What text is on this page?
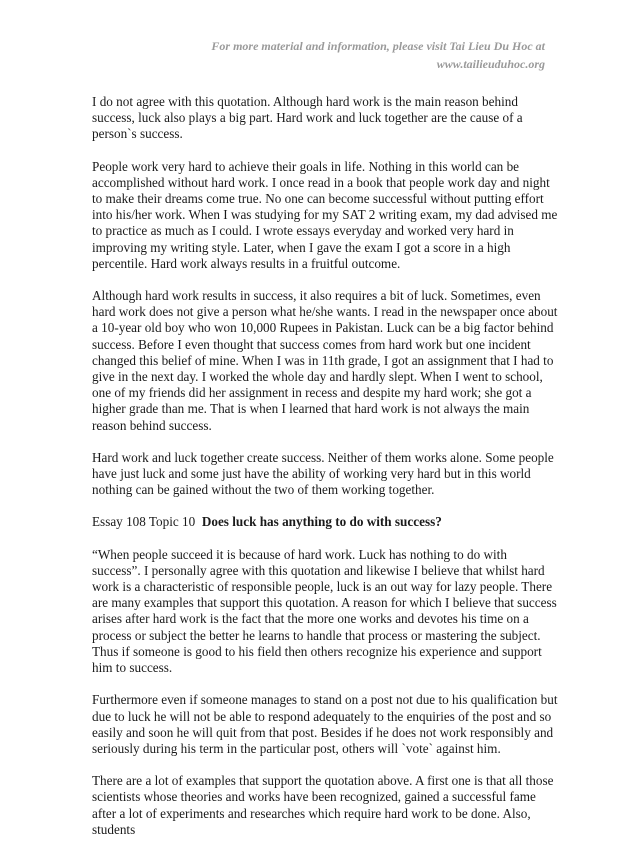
For more material and information, please visit Tai Lieu Du Hoc at
www.tailieuduhoc.org

I do not agree with this quotation. Although hard work is the main reason behind success, luck also plays a big part. Hard work and luck together are the cause of a person`s success.

People work very hard to achieve their goals in life. Nothing in this world can be accomplished without hard work. I once read in a book that people work day and night to make their dreams come true. No one can become successful without putting effort into his/her work. When I was studying for my SAT 2 writing exam, my dad advised me to practice as much as I could. I wrote essays everyday and worked very hard in improving my writing style. Later, when I gave the exam I got a score in a high percentile. Hard work always results in a fruitful outcome.

Although hard work results in success, it also requires a bit of luck. Sometimes, even hard work does not give a person what he/she wants. I read in the newspaper once about a 10-year old boy who won 10,000 Rupees in Pakistan. Luck can be a big factor behind success. Before I even thought that success comes from hard work but one incident changed this belief of mine. When I was in 11th grade, I got an assignment that I had to give in the next day. I worked the whole day and hardly slept. When I went to school, one of my friends did her assignment in recess and despite my hard work; she got a higher grade than me. That is when I learned that hard work is not always the main reason behind success.

Hard work and luck together create success. Neither of them works alone. Some people have just luck and some just have the ability of working very hard but in this world nothing can be gained without the two of them working together.

Essay 108 Topic 10 Does luck has anything to do with success?

“When people succeed it is because of hard work. Luck has nothing to do with success”. I personally agree with this quotation and likewise I believe that whilst hard work is a characteristic of responsible people, luck is an out way for lazy people. There are many examples that support this quotation. A reason for which I believe that success arises after hard work is the fact that the more one works and devotes his time on a process or subject the better he learns to handle that process or mastering the subject. Thus if someone is good to his field then others recognize his experience and support him to success.

Furthermore even if someone manages to stand on a post not due to his qualification but due to luck he will not be able to respond adequately to the enquiries of the post and so easily and soon he will quit from that post. Besides if he does not work responsibly and seriously during his term in the particular post, others will `vote` against him.

There are a lot of examples that support the quotation above. A first one is that all those scientists whose theories and works have been recognized, gained a successful fame after a lot of experiments and researches which require hard work to be done. Also, students
